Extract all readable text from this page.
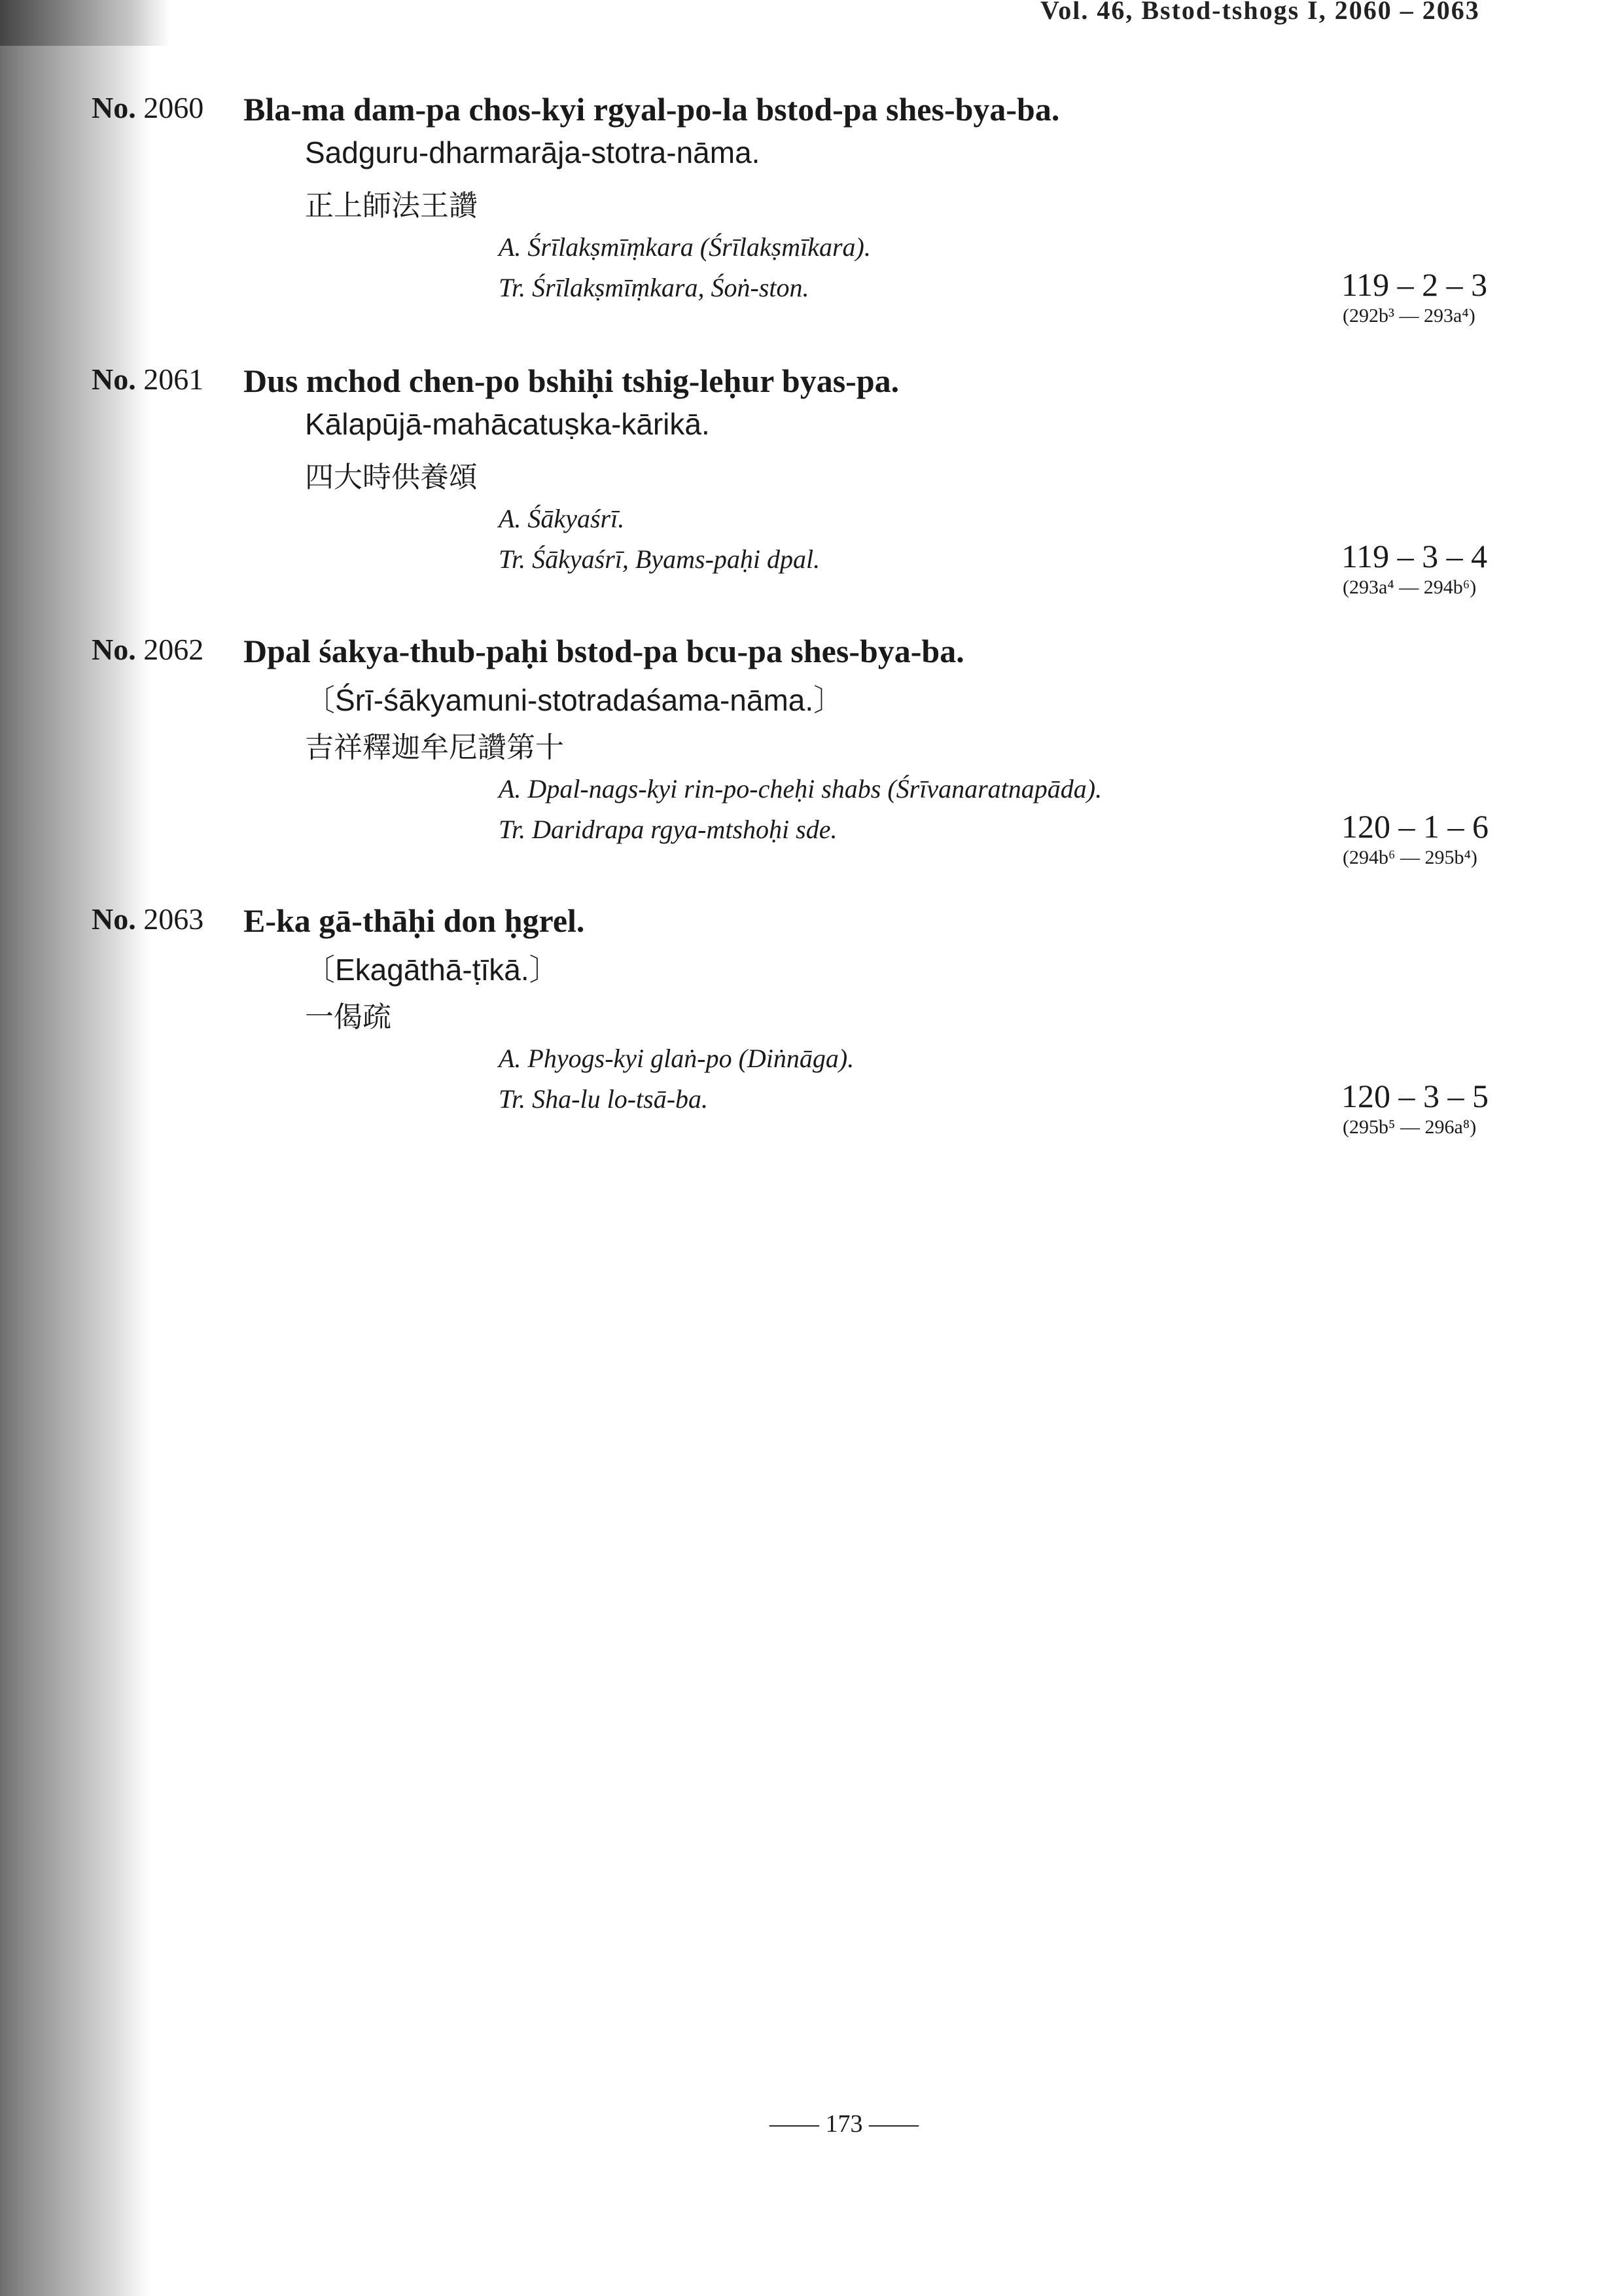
Vol. 46, Bstod-tshogs I, 2060 – 2063
No. 2060 Bla-ma dam-pa chos-kyi rgyal-po-la bstod-pa shes-bya-ba.
Sadguru-dharmarāja-stotra-nāma.
正上師法王讚
A. Śrīlakṣmīṃkara (Śrīlakṣmīkara).
Tr. Śrīlakṣmīṃkara, Śoṅ-ston.	119 – 2 – 3
(292b³ — 293a⁴)
No. 2061 Dus mchod chen-po bshiḥi tshig-leḥur byas-pa.
Kālapūjā-mahācatuṣka-kārikā.
四大時供養頌
A. Śākyaśrī.
Tr. Śākyaśrī, Byams-paḥi dpal.	119 – 3 – 4
(293a⁴ — 294b⁶)
No. 2062 Dpal śakya-thub-paḥi bstod-pa bcu-pa shes-bya-ba.
〔Śrī-śākyamuni-stotradaśama-nāma.〕
吉祥釋迦牟尼讚第十
A. Dpal-nags-kyi rin-po-cheḥi shabs (Śrīvanaratnapāda).
Tr. Daridrapa rgya-mtshoḥi sde.	120 – 1 – 6
(294b⁶ — 295b⁴)
No. 2063 E-ka gā-thāḥi don ḥgrel.
〔Ekagāthā-ṭīkā.〕
一偈疏
A. Phyogs-kyi glaṅ-po (Diṅnāga).
Tr. Sha-lu lo-tsā-ba.	120 – 3 – 5
(295b⁵ — 296a⁸)
—— 173 ——
